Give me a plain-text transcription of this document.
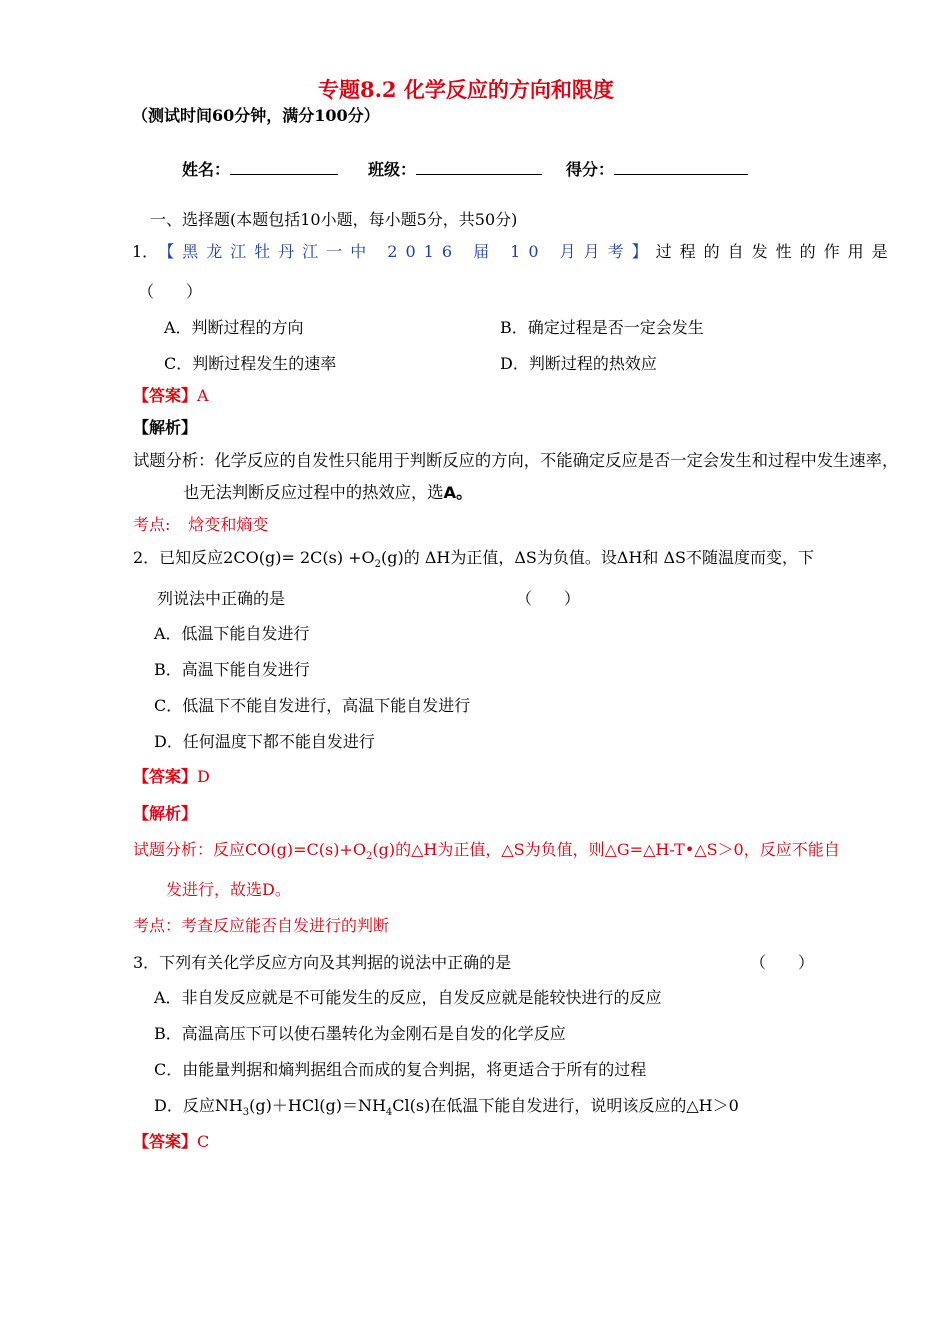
专题8.2 化学反应的方向和限度
（测试时间60分钟，满分100分）
姓名：	班级：	得分：
一、选择题(本题包括10小题，每小题5分，共50分)
1． 【黑龙江牡丹江一中 2016 届 10 月月考】 过程的自发性的作用是
（　　）
A．判断过程的方向	B．确定过程是否一定会发生
C．判断过程发生的速率	D．判断过程的热效应
【答案】A
【解析】
试题分析：化学反应的自发性只能用于判断反应的方向，不能确定反应是否一定会发生和过程中发生速率，
也无法判断反应过程中的热效应，选A。
考点: 焓变和熵变
2．已知反应$2CO(g)= 2C(s) +O_2(g)$的 ΔH为正值，ΔS为负值。设ΔH和 ΔS不随温度而变，下
列说法中正确的是	（　　）
A．低温下能自发进行
B．高温下能自发进行
C．低温下不能自发进行，高温下能自发进行
D．任何温度下都不能自发进行
【答案】D
【解析】
试题分析：反应$CO(g)=C(s)+O_2(g)$的△H为正值，△S为负值，则△G=△H-T•△S＞0，反应不能自
发进行，故选D。
考点：考查反应能否自发进行的判断
3．下列有关化学反应方向及其判据的说法中正确的是	（　　）
A．非自发反应就是不可能发生的反应，自发反应就是能较快进行的反应
B．高温高压下可以使石墨转化为金刚石是自发的化学反应
C．由能量判据和熵判据组合而成的复合判据，将更适合于所有的过程
D．反应$NH_3(g)+HCl(g)=NH_4Cl(s)$在低温下能自发进行，说明该反应的△H＞0
【答案】C
